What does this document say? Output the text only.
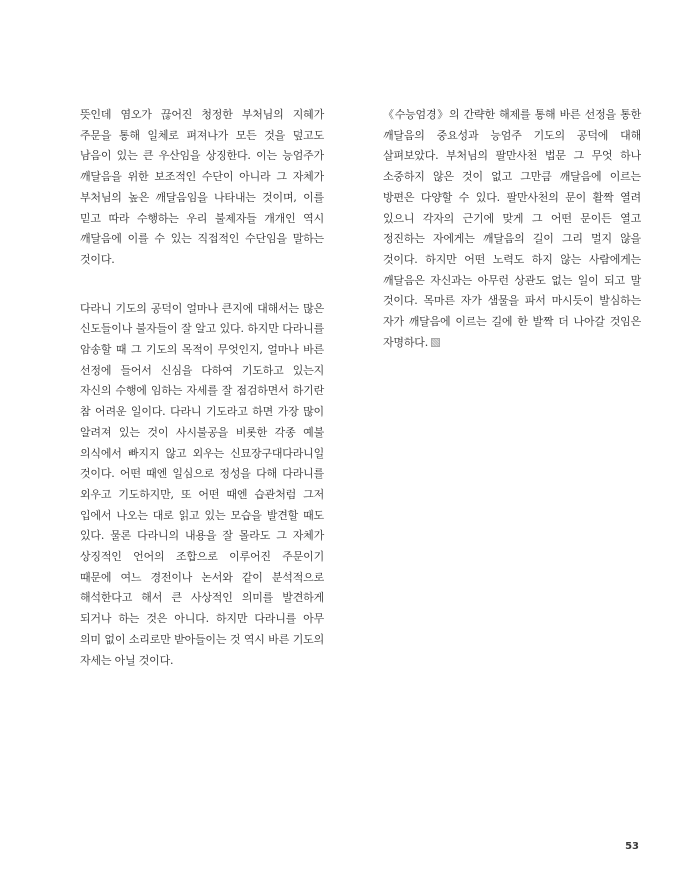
뜻인데 염오가 끊어진 청정한 부처님의 지혜가 주문을 통해 일체로 펴져나가 모든 것을 덮고도 남음이 있는 큰 우산임을 상징한다. 이는 능엄주가 깨달음을 위한 보조적인 수단이 아니라 그 자체가 부처님의 높은 깨달음임을 나타내는 것이며, 이를 믿고 따라 수행하는 우리 불제자들 개개인 역시 깨달음에 이를 수 있는 직접적인 수단임을 말하는 것이다.

다라니 기도의 공덕이 얼마나 큰지에 대해서는 많은 신도들이나 불자들이 잘 알고 있다. 하지만 다라니를 암송할 때 그 기도의 목적이 무엇인지, 얼마나 바른 선정에 들어서 신심을 다하여 기도하고 있는지 자신의 수행에 임하는 자세를 잘 점검하면서 하기란 참 어려운 일이다. 다라니 기도라고 하면 가장 많이 알려져 있는 것이 사시불공을 비롯한 각종 예불 의식에서 빠지지 않고 외우는 신묘장구대다라니일 것이다. 어떤 때엔 일심으로 정성을 다해 다라니를 외우고 기도하지만, 또 어떤 때엔 습관처럼 그저 입에서 나오는 대로 읽고 있는 모습을 발견할 때도 있다. 물론 다라니의 내용을 잘 몰라도 그 자체가 상징적인 언어의 조합으로 이루어진 주문이기 때문에 여느 경전이나 논서와 같이 분석적으로 해석한다고 해서 큰 사상적인 의미를 발견하게 되거나 하는 것은 아니다. 하지만 다라니를 아무 의미 없이 소리로만 받아들이는 것 역시 바른 기도의 자세는 아닐 것이다.

《수능엄경》의 간략한 해제를 통해 바른 선정을 통한 깨달음의 중요성과 능엄주 기도의 공덕에 대해 살펴보았다. 부처님의 팔만사천 법문 그 무엇 하나 소중하지 않은 것이 없고 그만큼 깨달음에 이르는 방편은 다양할 수 있다. 팔만사천의 문이 활짝 열려 있으니 각자의 근기에 맞게 그 어떤 문이든 열고 정진하는 자에게는 깨달음의 길이 그리 멀지 않을 것이다. 하지만 어떤 노력도 하지 않는 사람에게는 깨달음은 자신과는 아무런 상관도 없는 일이 되고 말 것이다. 목마른 자가 샘물을 파서 마시듯이 발심하는 자가 깨달음에 이르는 길에 한 발짝 더 나아갈 것임은 자명하다.

53
